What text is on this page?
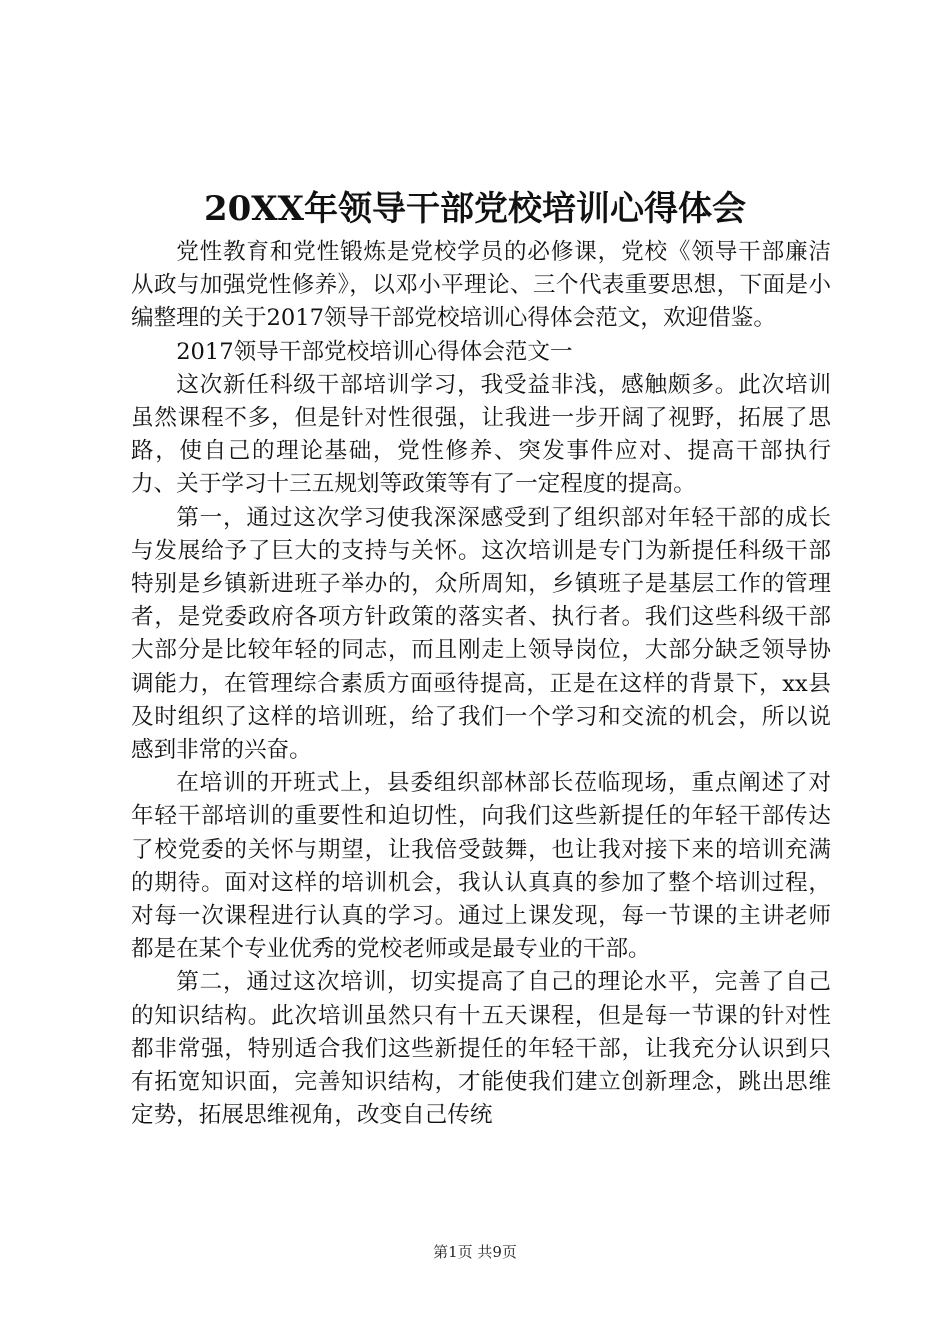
20XX年领导干部党校培训心得体会

党性教育和党性锻炼是党校学员的必修课，党校《领导干部廉洁从政与加强党性修养》，以邓小平理论、三个代表重要思想，下面是小编整理的关于2017领导干部党校培训心得体会范文，欢迎借鉴。

2017领导干部党校培训心得体会范文一

这次新任科级干部培训学习，我受益非浅，感触颇多。此次培训虽然课程不多，但是针对性很强，让我进一步开阔了视野，拓展了思路，使自己的理论基础，党性修养、突发事件应对、提高干部执行力、关于学习十三五规划等政策等有了一定程度的提高。

第一，通过这次学习使我深深感受到了组织部对年轻干部的成长与发展给予了巨大的支持与关怀。这次培训是专门为新提任科级干部特别是乡镇新进班子举办的，众所周知，乡镇班子是基层工作的管理者，是党委政府各项方针政策的落实者、执行者。我们这些科级干部大部分是比较年轻的同志，而且刚走上领导岗位，大部分缺乏领导协调能力，在管理综合素质方面亟待提高，正是在这样的背景下，xx县及时组织了这样的培训班，给了我们一个学习和交流的机会，所以说感到非常的兴奋。

在培训的开班式上，县委组织部林部长莅临现场，重点阐述了对年轻干部培训的重要性和迫切性，向我们这些新提任的年轻干部传达了校党委的关怀与期望，让我倍受鼓舞，也让我对接下来的培训充满的期待。面对这样的培训机会，我认认真真的参加了整个培训过程，对每一次课程进行认真的学习。通过上课发现，每一节课的主讲老师都是在某个专业优秀的党校老师或是最专业的干部。

第二，通过这次培训，切实提高了自己的理论水平，完善了自己的知识结构。此次培训虽然只有十五天课程，但是每一节课的针对性都非常强，特别适合我们这些新提任的年轻干部，让我充分认识到只有拓宽知识面，完善知识结构，才能使我们建立创新理念，跳出思维定势，拓展思维视角，改变自己传统

第1页 共9页
